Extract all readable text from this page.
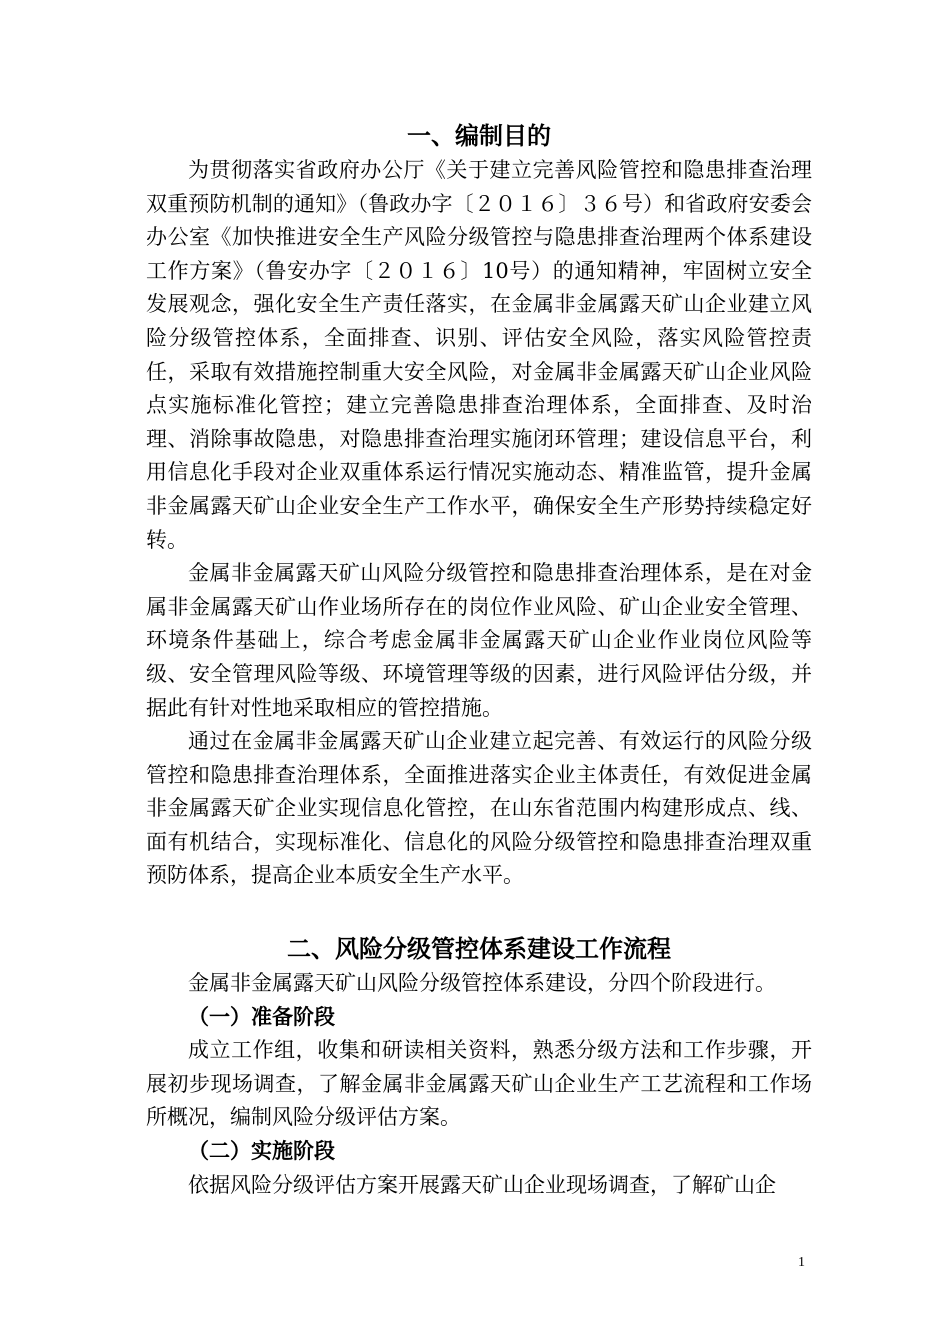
一、编制目的

为贯彻落实省政府办公厅《关于建立完善风险管控和隐患排查治理双重预防机制的通知》（鲁政办字〔２０１６〕３６号）和省政府安委会办公室《加快推进安全生产风险分级管控与隐患排查治理两个体系建设工作方案》（鲁安办字〔２０１６〕10号）的通知精神，牢固树立安全发展观念，强化安全生产责任落实，在金属非金属露天矿山企业建立风险分级管控体系，全面排查、识别、评估安全风险，落实风险管控责任，采取有效措施控制重大安全风险，对金属非金属露天矿山企业风险点实施标准化管控；建立完善隐患排查治理体系，全面排查、及时治理、消除事故隐患，对隐患排查治理实施闭环管理；建设信息平台，利用信息化手段对企业双重体系运行情况实施动态、精准监管，提升金属非金属露天矿山企业安全生产工作水平，确保安全生产形势持续稳定好转。

金属非金属露天矿山风险分级管控和隐患排查治理体系，是在对金属非金属露天矿山作业场所存在的岗位作业风险、矿山企业安全管理、环境条件基础上，综合考虑金属非金属露天矿山企业作业岗位风险等级、安全管理风险等级、环境管理等级的因素，进行风险评估分级，并据此有针对性地采取相应的管控措施。

通过在金属非金属露天矿山企业建立起完善、有效运行的风险分级管控和隐患排查治理体系，全面推进落实企业主体责任，有效促进金属非金属露天矿企业实现信息化管控，在山东省范围内构建形成点、线、面有机结合，实现标准化、信息化的风险分级管控和隐患排查治理双重预防体系，提高企业本质安全生产水平。

二、风险分级管控体系建设工作流程

金属非金属露天矿山风险分级管控体系建设，分四个阶段进行。

（一）准备阶段

成立工作组，收集和研读相关资料，熟悉分级方法和工作步骤，开展初步现场调查，了解金属非金属露天矿山企业生产工艺流程和工作场所概况，编制风险分级评估方案。

（二）实施阶段

依据风险分级评估方案开展露天矿山企业现场调查，了解矿山企

1
